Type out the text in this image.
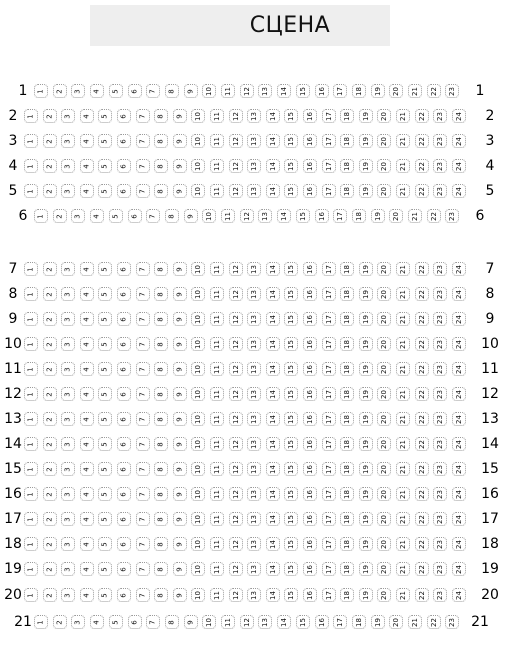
СЦЕНА
1	1
1 2 3 4 5 6 7 8 9 10 11 12 13 14 15 16 17 18 19 20 21 22 23
2	2
1 2 3 4 5 6 7 8 9 10 11 12 13 14 15 16 17 18 19 20 21 22 23 24
3	3
1 2 3 4 5 6 7 8 9 10 11 12 13 14 15 16 17 18 19 20 21 22 23 24
4	4
1 2 3 4 5 6 7 8 9 10 11 12 13 14 15 16 17 18 19 20 21 22 23 24
5	5
1 2 3 4 5 6 7 8 9 10 11 12 13 14 15 16 17 18 19 20 21 22 23 24
6	6
1 2 3 4 5 6 7 8 9 10 11 12 13 14 15 16 17 18 19 20 21 22 23
7	7
1 2 3 4 5 6 7 8 9 10 11 12 13 14 15 16 17 18 19 20 21 22 23 24
8	8
1 2 3 4 5 6 7 8 9 10 11 12 13 14 15 16 17 18 19 20 21 22 23 24
9	9
1 2 3 4 5 6 7 8 9 10 11 12 13 14 15 16 17 18 19 20 21 22 23 24
10	10
1 2 3 4 5 6 7 8 9 10 11 12 13 14 15 16 17 18 19 20 21 22 23 24
11	11
1 2 3 4 5 6 7 8 9 10 11 12 13 14 15 16 17 18 19 20 21 22 23 24
12	12
1 2 3 4 5 6 7 8 9 10 11 12 13 14 15 16 17 18 19 20 21 22 23 24
13	13
1 2 3 4 5 6 7 8 9 10 11 12 13 14 15 16 17 18 19 20 21 22 23 24
14	14
1 2 3 4 5 6 7 8 9 10 11 12 13 14 15 16 17 18 19 20 21 22 23 24
15	15
1 2 3 4 5 6 7 8 9 10 11 12 13 14 15 16 17 18 19 20 21 22 23 24
16	16
1 2 3 4 5 6 7 8 9 10 11 12 13 14 15 16 17 18 19 20 21 22 23 24
17	17
1 2 3 4 5 6 7 8 9 10 11 12 13 14 15 16 17 18 19 20 21 22 23 24
18	18
1 2 3 4 5 6 7 8 9 10 11 12 13 14 15 16 17 18 19 20 21 22 23 24
19	19
1 2 3 4 5 6 7 8 9 10 11 12 13 14 15 16 17 18 19 20 21 22 23 24
20	20
1 2 3 4 5 6 7 8 9 10 11 12 13 14 15 16 17 18 19 20 21 22 23 24
21	21
1 2 3 4 5 6 7 8 9 10 11 12 13 14 15 16 17 18 19 20 21 22 23
